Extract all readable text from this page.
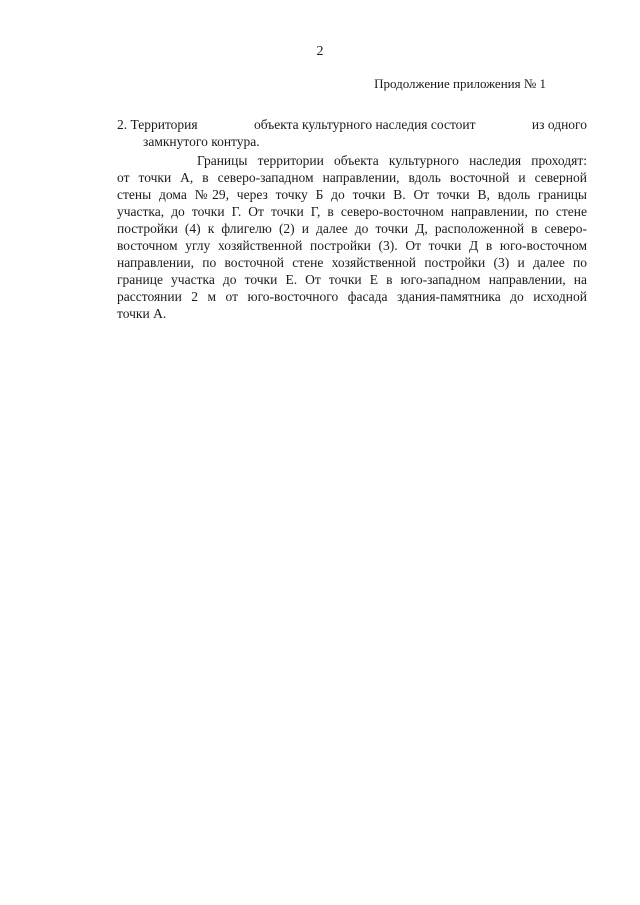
2
Продолжение приложения № 1
2. Территория	объекта культурного наследия состоит	из одного
замкнутого контура.
Границы территории объекта культурного наследия проходят:
от точки А, в северо-западном направлении, вдоль восточной и северной
стены дома №29, через точку Б до точки В. От точки В, вдоль границы
участка, до точки Г. От точки Г, в северо-восточном направлении, по стене
постройки (4) к флигелю (2) и далее до точки Д, расположенной в северо-
восточном углу хозяйственной постройки (3). От точки Д в юго-восточном
направлении, по восточной стене хозяйственной постройки (3) и далее по
границе участка до точки Е. От точки Е в юго-западном направлении, на
расстоянии 2 м от юго-восточного фасада здания-памятника до исходной
точки А.
